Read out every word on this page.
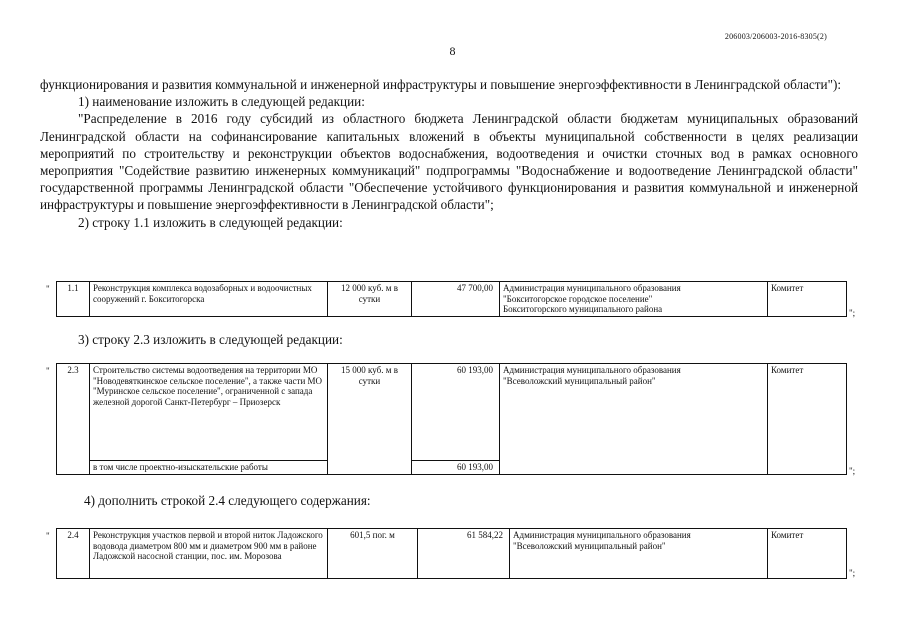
206003/206003-2016-8305(2)
8

функционирования и развития коммунальной и инженерной инфраструктуры и повышение энергоэффективности в Ленинградской области"):

1) наименование изложить в следующей редакции:

"Распределение в 2016 году субсидий из областного бюджета Ленинградской области бюджетам муниципальных образований Ленинградской области на софинансирование капитальных вложений в объекты муниципальной собственности в целях реализации мероприятий по строительству и реконструкции объектов водоснабжения, водоотведения и очистки сточных вод в рамках основного мероприятия "Содействие развитию инженерных коммуникаций" подпрограммы "Водоснабжение и водоотведение Ленинградской области" государственной программы Ленинградской области "Обеспечение устойчивого функционирования и развития коммунальной и инженерной инфраструктуры и повышение энергоэффективности в Ленинградской области";

2) строку 1.1 изложить в следующей редакции:

" 1.1	Реконструкция комплекса водозаборных и водоочистных сооружений г. Бокситогорска	12 000 куб. м в сутки	47 700,00	Администрация муниципального образования
"Бокситогорское городское поселение"
Бокситогорского муниципального района
	Комитет
";
3) строку 2.3 изложить в следующей редакции:
" 2.3	Строительство системы водоотведения на территории МО "Новодевяткинское сельское поселение", а также части МО "Муринское сельское поселение", ограниченной с запада железной дорогой Санкт-Петербург – Приозерск	15 000 куб. м в сутки	60 193,00	Администрация муниципального образования
"Всеволожский муниципальный район"	Комитет
	в том числе проектно-изыскательские работы		60 193,00			";
4) дополнить строкой 2.4 следующего содержания:
" 2.4	Реконструкция участков первой и второй ниток Ладожского водовода диаметром 800 мм и диаметром 900 мм в районе Ладожской насосной станции, пос. им. Морозова	601,5 пог. м	61 584,22	Администрация муниципального образования
"Всеволожский муниципальный район"
	Комитет
";
